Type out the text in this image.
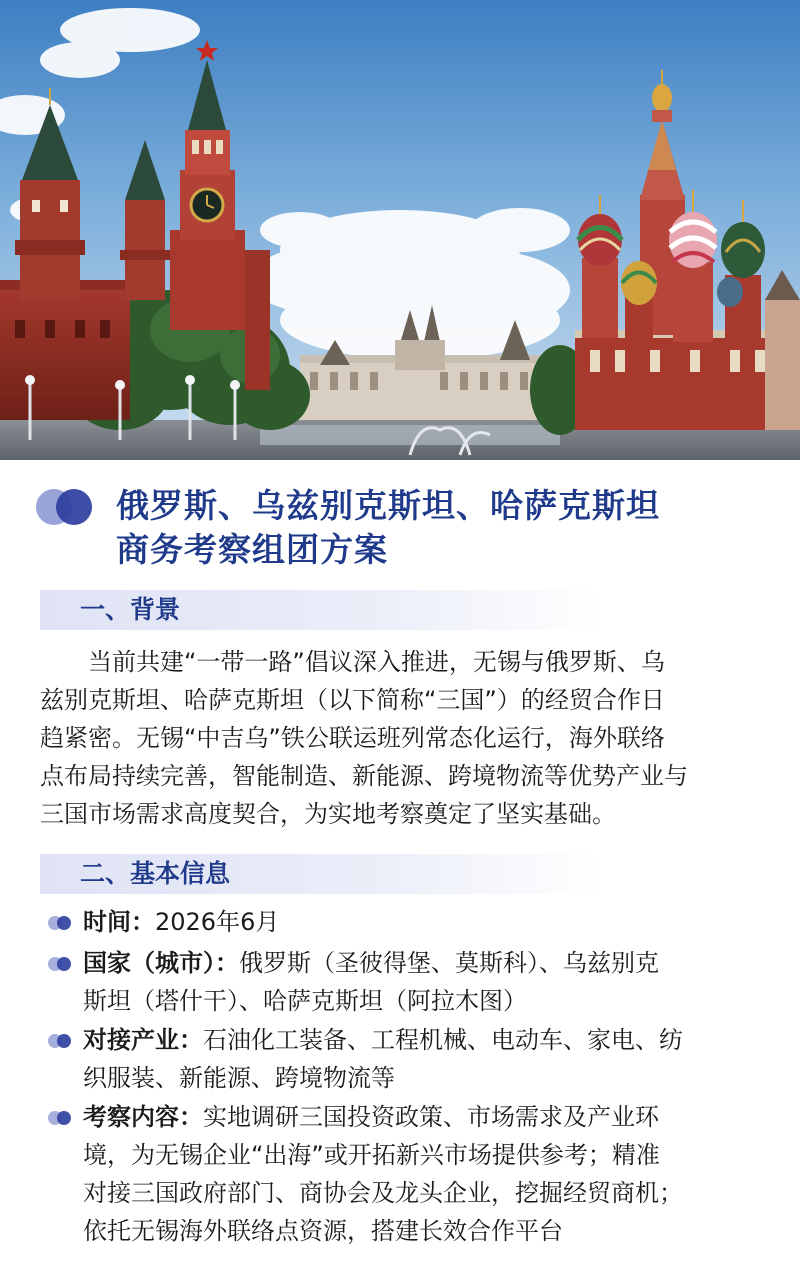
俄罗斯、乌兹别克斯坦、哈萨克斯坦
商务考察组团方案
一、背景
当前共建“一带一路”倡议深入推进，无锡与俄罗斯、乌
兹别克斯坦、哈萨克斯坦（以下简称“三国”）的经贸合作日
趋紧密。无锡“中吉乌”铁公联运班列常态化运行，海外联络
点布局持续完善，智能制造、新能源、跨境物流等优势产业与
三国市场需求高度契合，为实地考察奠定了坚实基础。
二、基本信息
时间：2026年6月
国家（城市）：俄罗斯（圣彼得堡、莫斯科）、乌兹别克
斯坦（塔什干）、哈萨克斯坦（阿拉木图）
对接产业：石油化工装备、工程机械、电动车、家电、纺
织服装、新能源、跨境物流等
考察内容：实地调研三国投资政策、市场需求及产业环
境，为无锡企业“出海”或开拓新兴市场提供参考；精准
对接三国政府部门、商协会及龙头企业，挖掘经贸商机；
依托无锡海外联络点资源，搭建长效合作平台
